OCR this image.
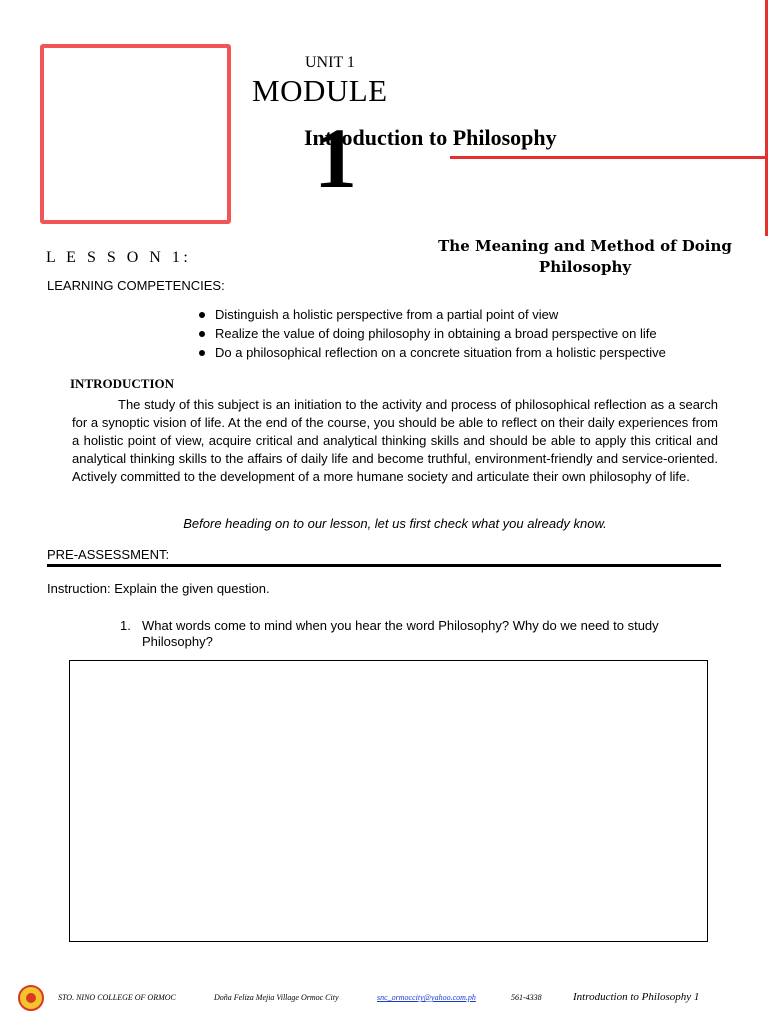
UNIT 1
MODULE
1
Introduction to Philosophy
L E S S O N 1:
The Meaning and Method of Doing Philosophy
LEARNING COMPETENCIES:
Distinguish a holistic perspective from a partial point of view
Realize the value of doing philosophy in obtaining a broad perspective on life
Do a philosophical reflection on a concrete situation from a holistic perspective
INTRODUCTION
The study of this subject is an initiation to the activity and process of philosophical reflection as a search for a synoptic vision of life. At the end of the course, you should be able to reflect on their daily experiences from a holistic point of view, acquire critical and analytical thinking skills and should be able to apply this critical and analytical thinking skills to the affairs of daily life and become truthful, environment-friendly and service-oriented. Actively committed to the development of a more humane society and articulate their own philosophy of life.
Before heading on to our lesson, let us first check what you already know.
PRE-ASSESSMENT:
Instruction: Explain the given question.
1. What words come to mind when you hear the word Philosophy? Why do we need to study Philosophy?
STO. NINO COLLEGE OF ORMOC	Doña Feliza Mejia Village Ormoc City	snc_ormoccity@yahoo.com.ph	561-4338	Introduction to Philosophy 1
